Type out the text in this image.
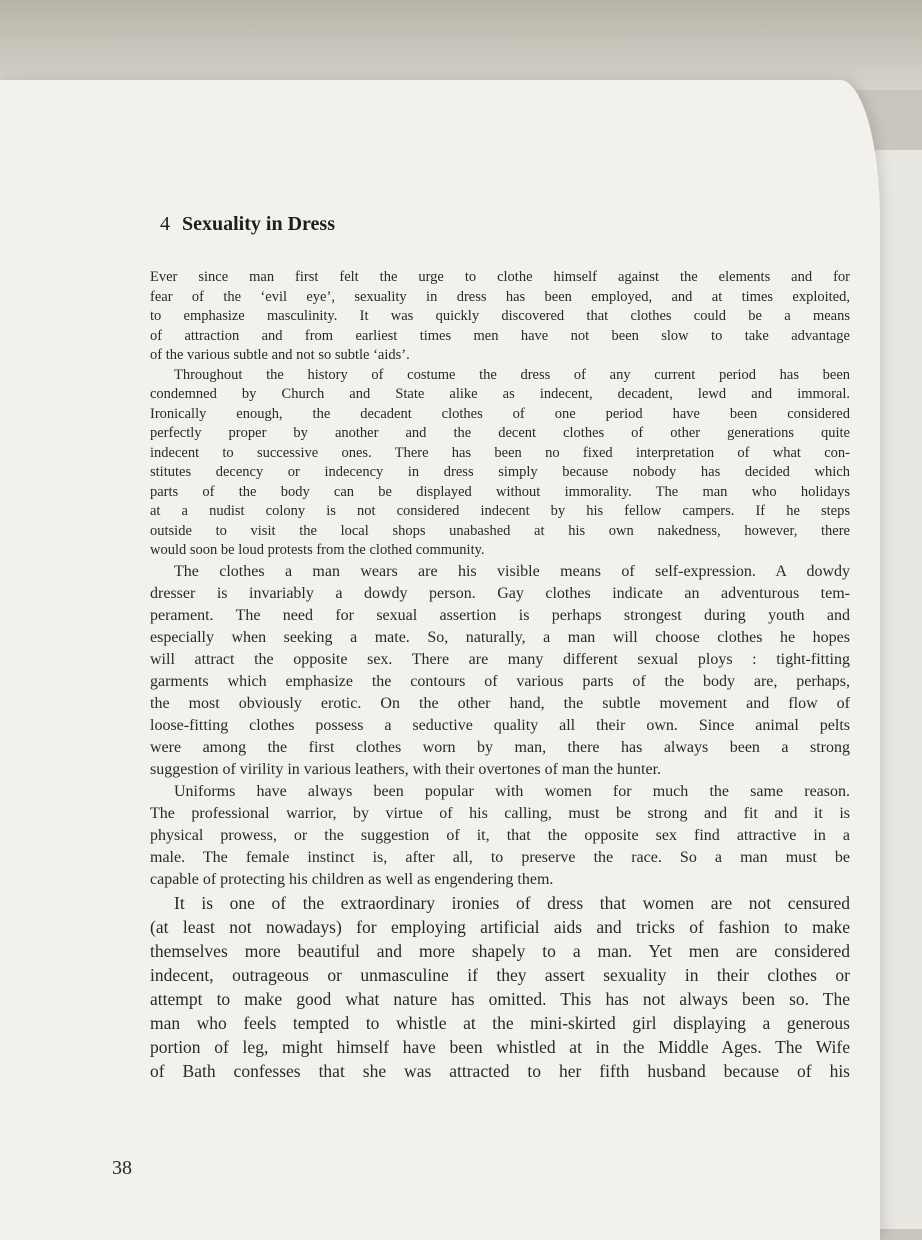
4 Sexuality in Dress
Ever since man first felt the urge to clothe himself against the elements and for
fear of the ‘evil eye’, sexuality in dress has been employed, and at times exploited,
to emphasize masculinity. It was quickly discovered that clothes could be a means
of attraction and from earliest times men have not been slow to take advantage
of the various subtle and not so subtle ‘aids’.
Throughout the history of costume the dress of any current period has been
condemned by Church and State alike as indecent, decadent, lewd and immoral.
Ironically enough, the decadent clothes of one period have been considered
perfectly proper by another and the decent clothes of other generations quite
indecent to successive ones. There has been no fixed interpretation of what con-
stitutes decency or indecency in dress simply because nobody has decided which
parts of the body can be displayed without immorality. The man who holidays
at a nudist colony is not considered indecent by his fellow campers. If he steps
outside to visit the local shops unabashed at his own nakedness, however, there
would soon be loud protests from the clothed community.
The clothes a man wears are his visible means of self-expression. A dowdy
dresser is invariably a dowdy person. Gay clothes indicate an adventurous tem-
perament. The need for sexual assertion is perhaps strongest during youth and
especially when seeking a mate. So, naturally, a man will choose clothes he hopes
will attract the opposite sex. There are many different sexual ploys : tight-fitting
garments which emphasize the contours of various parts of the body are, perhaps,
the most obviously erotic. On the other hand, the subtle movement and flow of
loose-fitting clothes possess a seductive quality all their own. Since animal pelts
were among the first clothes worn by man, there has always been a strong
suggestion of virility in various leathers, with their overtones of man the hunter.
Uniforms have always been popular with women for much the same reason.
The professional warrior, by virtue of his calling, must be strong and fit and it is
physical prowess, or the suggestion of it, that the opposite sex find attractive in a
male. The female instinct is, after all, to preserve the race. So a man must be
capable of protecting his children as well as engendering them.
It is one of the extraordinary ironies of dress that women are not censured
(at least not nowadays) for employing artificial aids and tricks of fashion to make
themselves more beautiful and more shapely to a man. Yet men are considered
indecent, outrageous or unmasculine if they assert sexuality in their clothes or
attempt to make good what nature has omitted. This has not always been so. The
man who feels tempted to whistle at the mini-skirted girl displaying a generous
portion of leg, might himself have been whistled at in the Middle Ages. The Wife
of Bath confesses that she was attracted to her fifth husband because of his
38
